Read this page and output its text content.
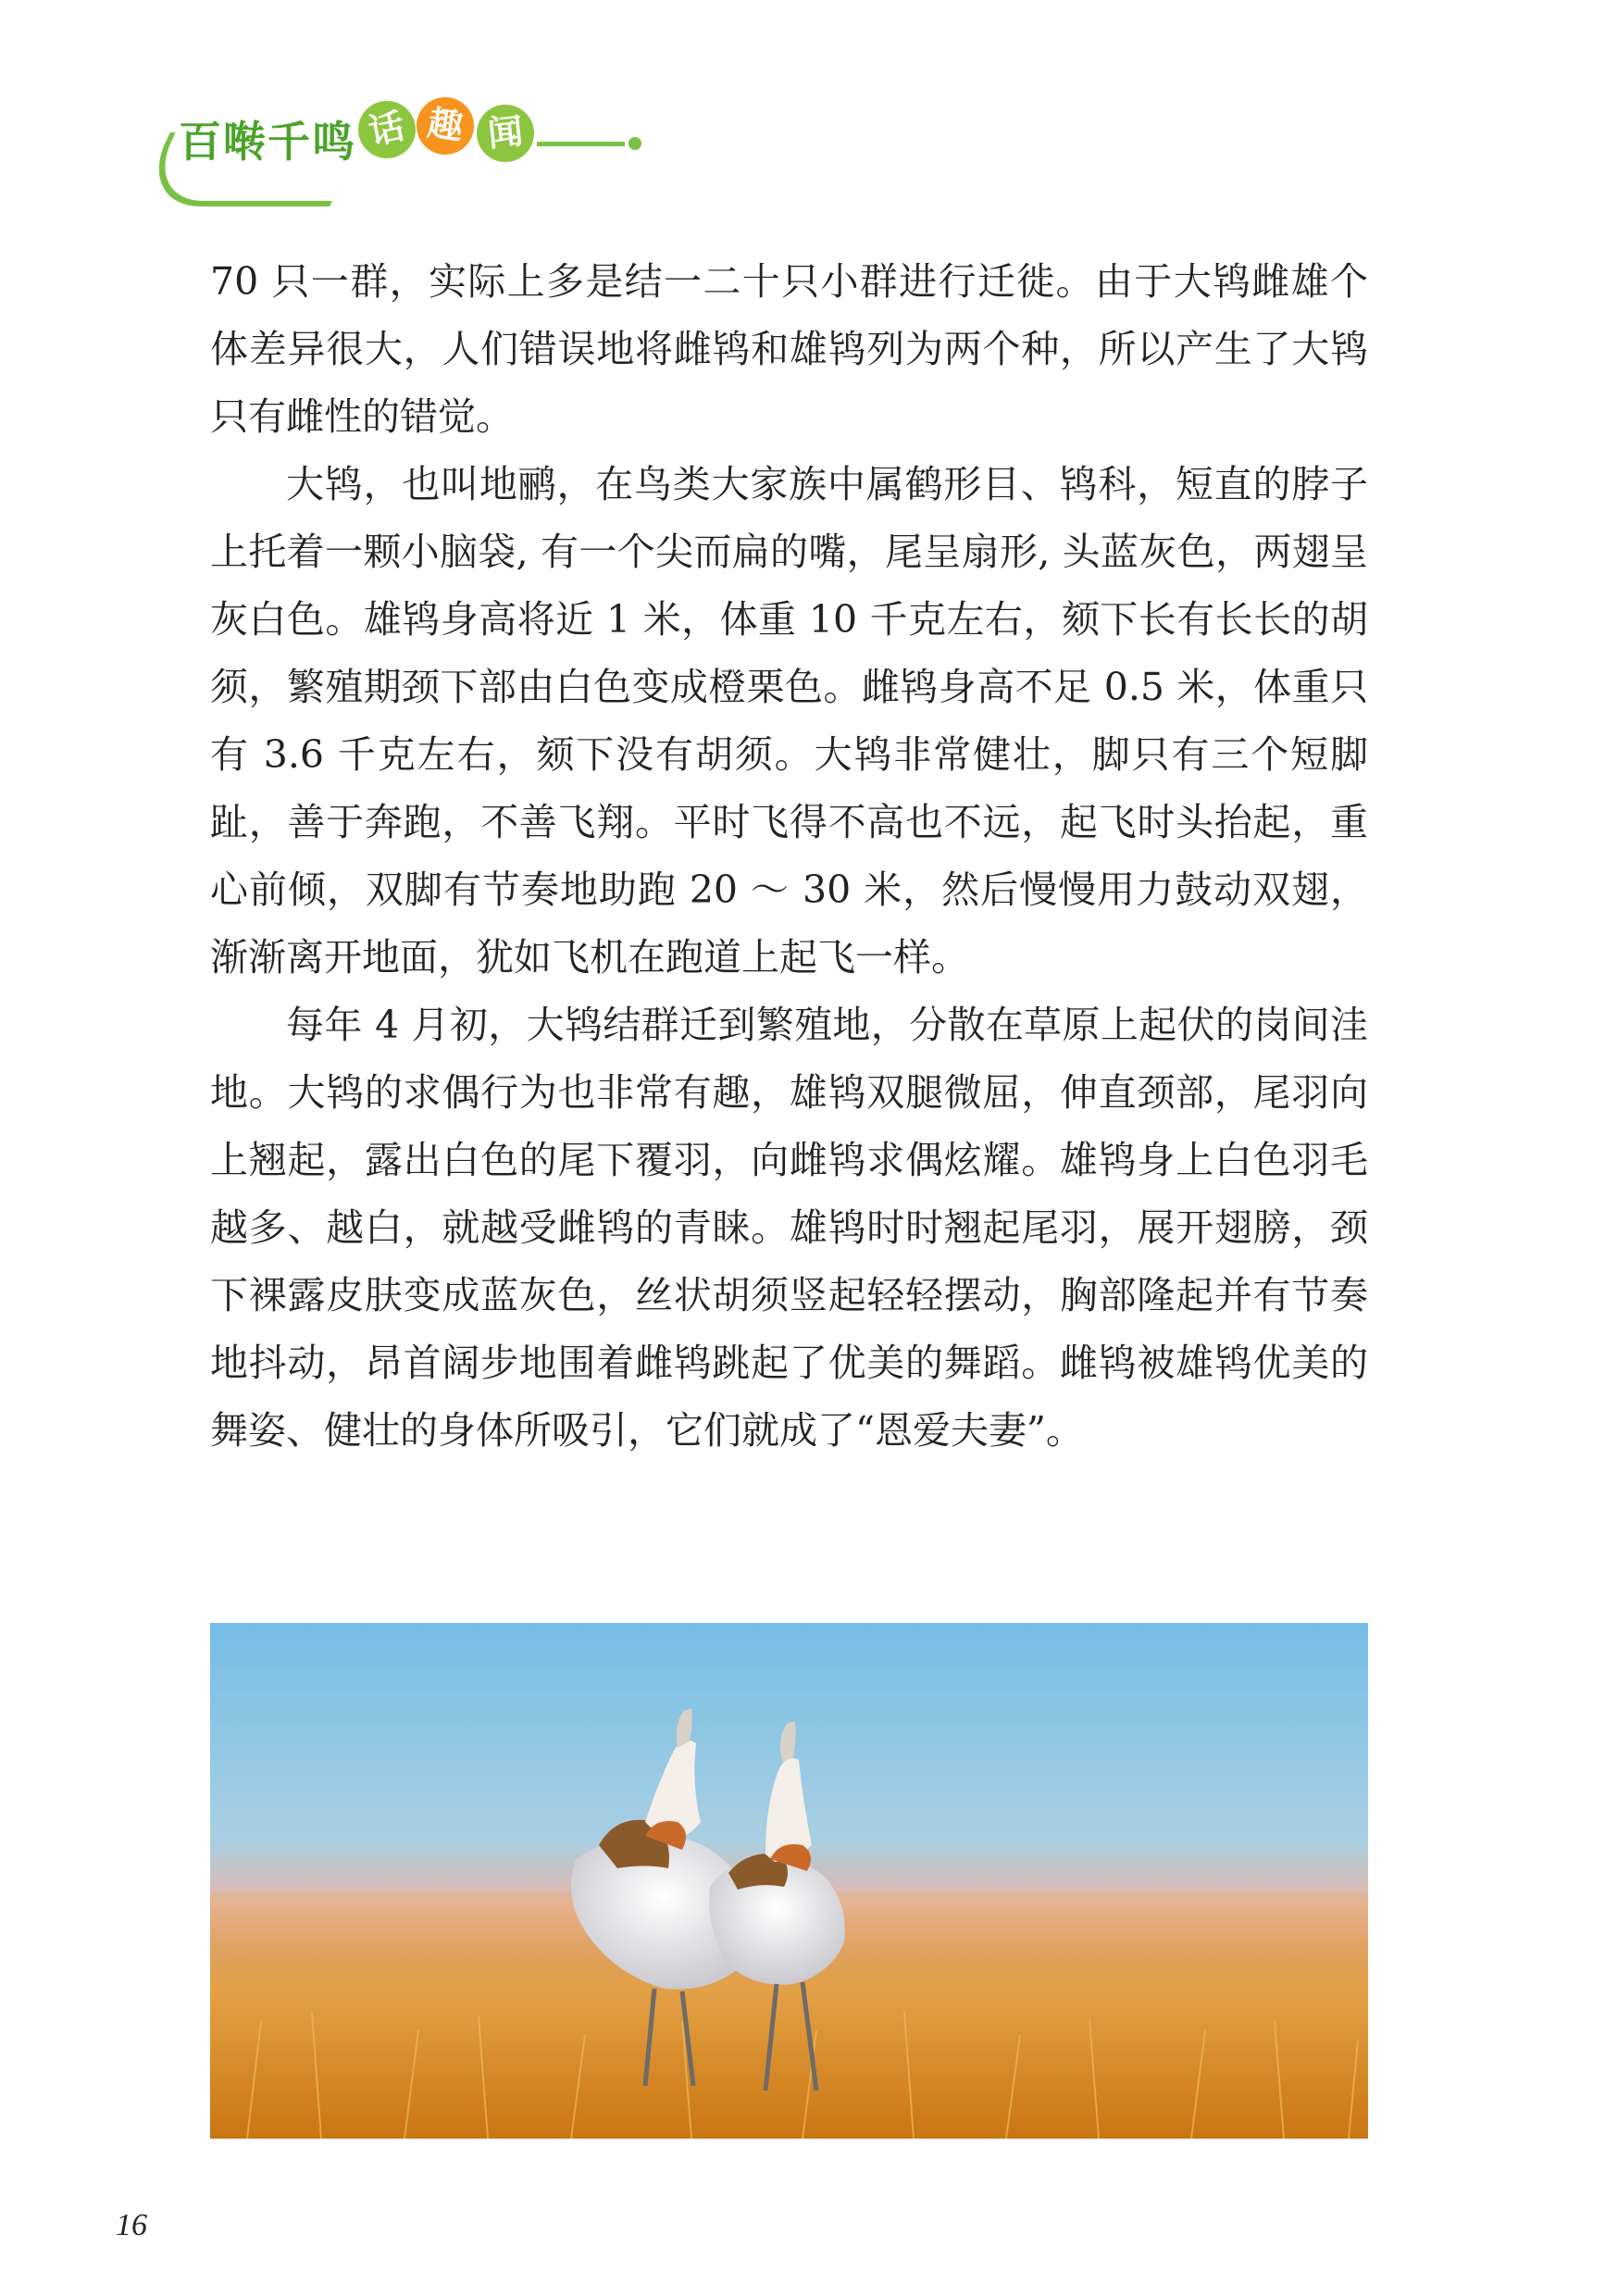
百啭千鸣 话 趣 闻

70 只一群，实际上多是结一二十只小群进行迁徙。由于大鸨雌雄个体差异很大，人们错误地将雌鸨和雄鸨列为两个种，所以产生了大鸨只有雌性的错觉。

大鸨，也叫地鹂，在鸟类大家族中属鹤形目、鸨科，短直的脖子上托着一颗小脑袋, 有一个尖而扁的嘴，尾呈扇形, 头蓝灰色，两翅呈灰白色。雄鸨身高将近 1 米，体重 10 千克左右，颏下长有长长的胡须，繁殖期颈下部由白色变成橙栗色。雌鸨身高不足 0.5 米，体重只有 3.6 千克左右，颏下没有胡须。大鸨非常健壮，脚只有三个短脚趾，善于奔跑，不善飞翔。平时飞得不高也不远，起飞时头抬起，重心前倾，双脚有节奏地助跑 20 ～ 30 米，然后慢慢用力鼓动双翅，渐渐离开地面，犹如飞机在跑道上起飞一样。

每年 4 月初，大鸨结群迁到繁殖地，分散在草原上起伏的岗间洼地。大鸨的求偶行为也非常有趣，雄鸨双腿微屈，伸直颈部，尾羽向上翘起，露出白色的尾下覆羽，向雌鸨求偶炫耀。雄鸨身上白色羽毛越多、越白，就越受雌鸨的青睐。雄鸨时时翘起尾羽，展开翅膀，颈下裸露皮肤变成蓝灰色，丝状胡须竖起轻轻摆动，胸部隆起并有节奏地抖动，昂首阔步地围着雌鸨跳起了优美的舞蹈。雌鸨被雄鸨优美的舞姿、健壮的身体所吸引，它们就成了“恩爱夫妻”。

16
